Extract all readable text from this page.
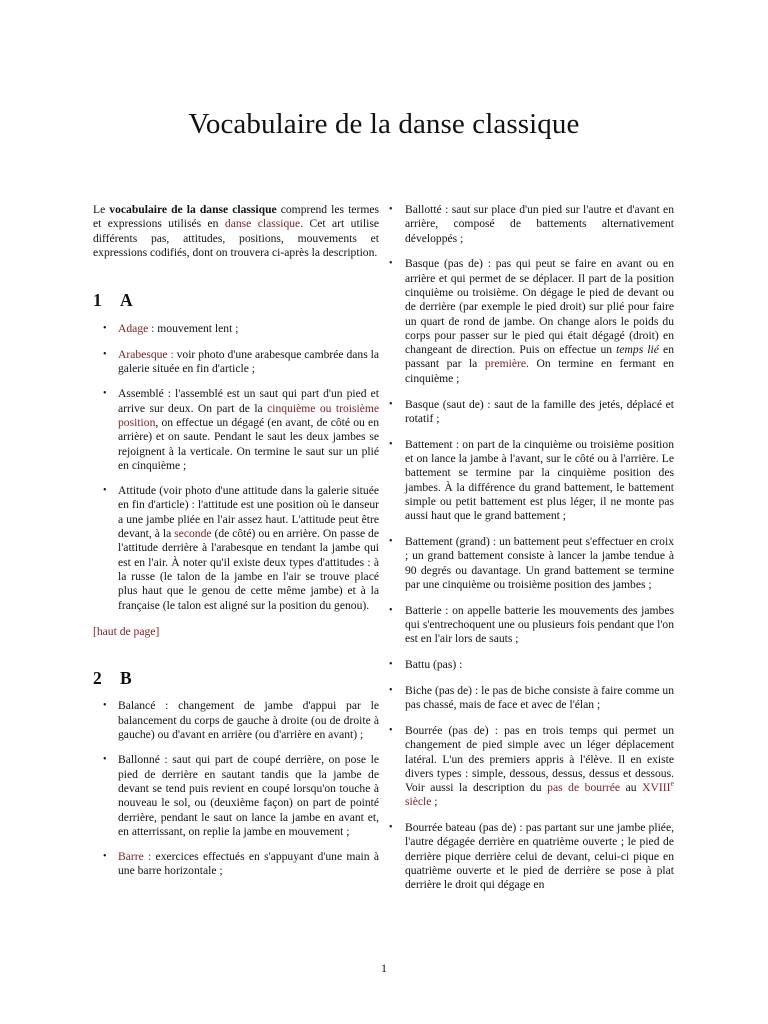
Vocabulaire de la danse classique

Le vocabulaire de la danse classique comprend les termes et expressions utilisés en danse classique. Cet art utilise différents pas, attitudes, positions, mouvements et expressions codifiés, dont on trouvera ci-après la description.

1	A
• Adage : mouvement lent ;
• Arabesque : voir photo d'une arabesque cambrée dans la galerie située en fin d'article ;
• Assemblé : l'assemblé est un saut qui part d'un pied et arrive sur deux. On part de la cinquième ou troisième position, on effectue un dégagé (en avant, de côté ou en arrière) et on saute. Pendant le saut les deux jambes se rejoignent à la verticale. On termine le saut sur un plié en cinquième ;
• Attitude (voir photo d'une attitude dans la galerie située en fin d'article) : l'attitude est une position où le danseur a une jambe pliée en l'air assez haut. L'attitude peut être devant, à la seconde (de côté) ou en arrière. On passe de l'attitude derrière à l'arabesque en tendant la jambe qui est en l'air. À noter qu'il existe deux types d'attitudes : à la russe (le talon de la jambe en l'air se trouve placé plus haut que le genou de cette même jambe) et à la française (le talon est aligné sur la position du genou).

[haut de page]

2	B
• Balancé : changement de jambe d'appui par le balancement du corps de gauche à droite (ou de droite à gauche) ou d'avant en arrière (ou d'arrière en avant) ;
• Ballonné : saut qui part de coupé derrière, on pose le pied de derrière en sautant tandis que la jambe de devant se tend puis revient en coupé lorsqu'on touche à nouveau le sol, ou (deuxième façon) on part de pointé derrière, pendant le saut on lance la jambe en avant et, en atterrissant, on replie la jambe en mouvement ;
• Barre : exercices effectués en s'appuyant d'une main à une barre horizontale ;
• Ballotté : saut sur place d'un pied sur l'autre et d'avant en arrière, composé de battements alternativement développés ;
• Basque (pas de) : pas qui peut se faire en avant ou en arrière et qui permet de se déplacer. Il part de la position cinquième ou troisième. On dégage le pied de devant ou de derrière (par exemple le pied droit) sur plié pour faire un quart de rond de jambe. On change alors le poids du corps pour passer sur le pied qui était dégagé (droit) en changeant de direction. Puis on effectue un temps lié en passant par la première. On termine en fermant en cinquième ;
• Basque (saut de) : saut de la famille des jetés, déplacé et rotatif ;
• Battement : on part de la cinquième ou troisième position et on lance la jambe à l'avant, sur le côté ou à l'arrière. Le battement se termine par la cinquième position des jambes. À la différence du grand battement, le battement simple ou petit battement est plus léger, il ne monte pas aussi haut que le grand battement ;
• Battement (grand) : un battement peut s'effectuer en croix ; un grand battement consiste à lancer la jambe tendue à 90 degrés ou davantage. Un grand battement se termine par une cinquième ou troisième position des jambes ;
• Batterie : on appelle batterie les mouvements des jambes qui s'entrechoquent une ou plusieurs fois pendant que l'on est en l'air lors de sauts ;
• Battu (pas) :
• Biche (pas de) : le pas de biche consiste à faire comme un pas chassé, mais de face et avec de l'élan ;
• Bourrée (pas de) : pas en trois temps qui permet un changement de pied simple avec un léger déplacement latéral. L'un des premiers appris à l'élève. Il en existe divers types : simple, dessous, dessus, dessus et dessous. Voir aussi la description du pas de bourrée au XVIIIe siècle ;
• Bourrée bateau (pas de) : pas partant sur une jambe pliée, l'autre dégagée derrière en quatrième ouverte ; le pied de derrière pique derrière celui de devant, celui-ci pique en quatrième ouverte et le pied de derrière se pose à plat derrière le droit qui dégage en
1
